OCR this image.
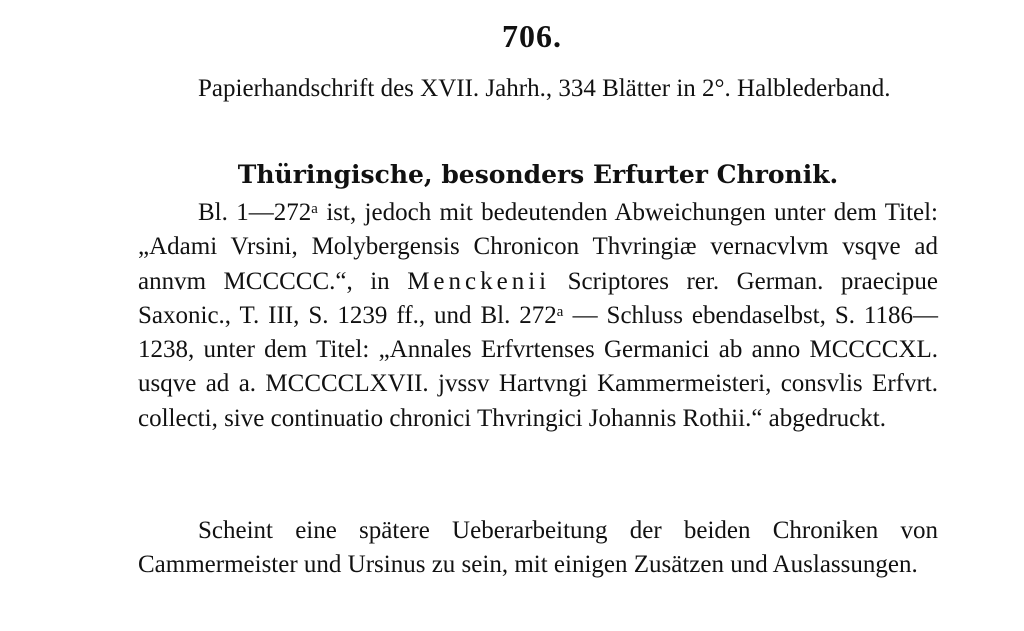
706.
Papierhandschrift des XVII. Jahrh., 334 Blätter in 2°. Halblederband.
Thüringische, besonders Erfurter Chronik.
Bl. 1—272ᵃ ist, jedoch mit bedeutenden Abweichungen unter dem Titel: „Adami Vrsini, Molybergensis Chronicon Thvringiæ vernacvlvm vsqve ad annvm MCCCCC.“, in Menckenii Scriptores rer. German. praecipue Saxonic., T. III, S. 1239 ff., und Bl. 272ᵃ — Schluss ebendaselbst, S. 1186—1238, unter dem Titel: „Annales Erfvrtenses Germanici ab anno MCCCCXL. usqve ad a. MCCCCLXVII. jvssv Hartvngi Kammermeisteri, consvlis Erfvrt. collecti, sive continuatio chronici Thvringici Johannis Rothii.“ abgedruckt.
Scheint eine spätere Ueberarbeitung der beiden Chroniken von Cammermeister und Ursinus zu sein, mit einigen Zusätzen und Auslassungen.
